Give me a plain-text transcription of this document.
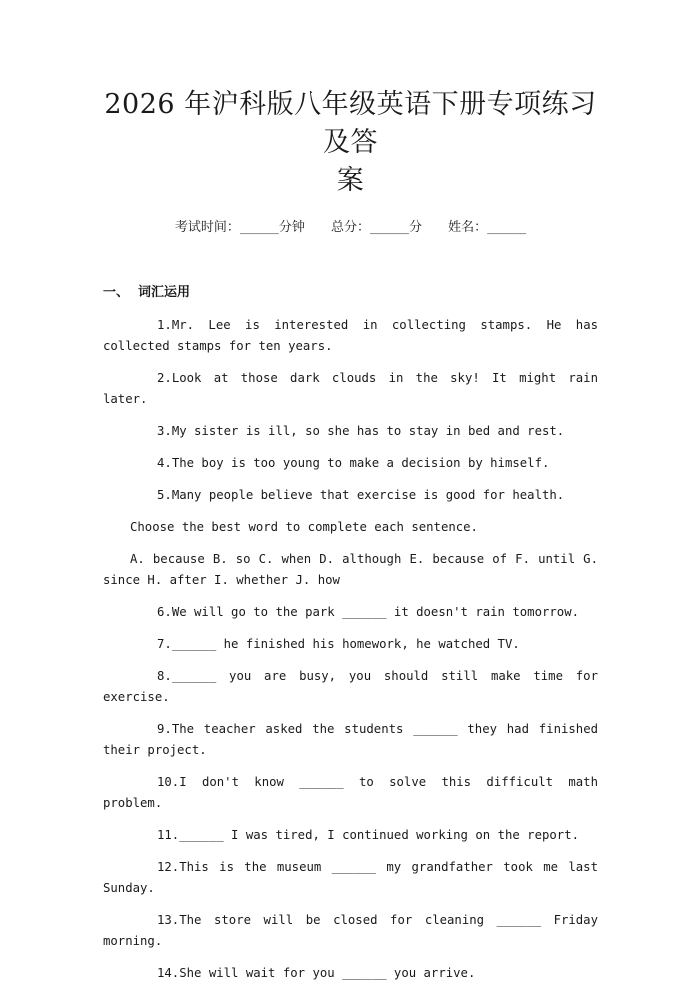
2026 年沪科版八年级英语下册专项练习及答
案
考试时间：______分钟 总分：______分 姓名：______
一、 词汇运用

1.Mr. Lee is interested in collecting stamps. He has collected stamps for ten years.

2.Look at those dark clouds in the sky! It might rain later.

3.My sister is ill, so she has to stay in bed and rest.

4.The boy is too young to make a decision by himself.

5.Many people believe that exercise is good for health.

Choose the best word to complete each sentence.

A. because B. so C. when D. although E. because of F. until G. since H. after I. whether J. how

6.We will go to the park ______ it doesn't rain tomorrow.

7.______ he finished his homework, he watched TV.

8.______ you are busy, you should still make time for exercise.

9.The teacher asked the students ______ they had finished their project.

10.I don't know ______ to solve this difficult math problem.

11.______ I was tired, I continued working on the report.

12.This is the museum ______ my grandfather took me last Sunday.

13.The store will be closed for cleaning ______ Friday morning.

14.She will wait for you ______ you arrive.
